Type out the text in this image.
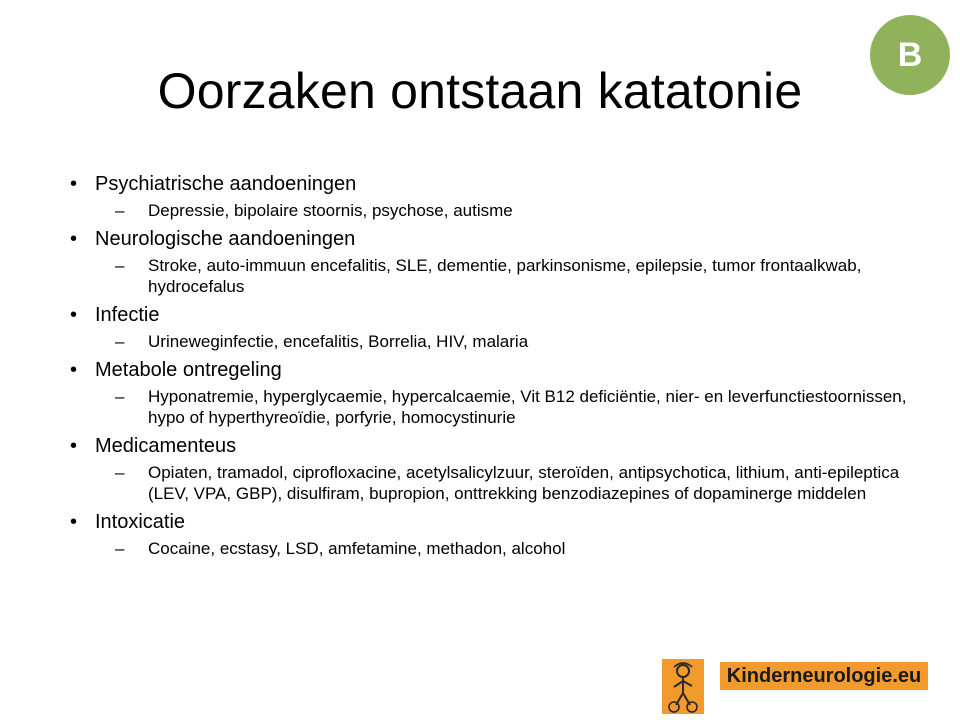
Oorzaken ontstaan katatonie
B
• Psychiatrische aandoeningen
– Depressie, bipolaire stoornis, psychose, autisme
• Neurologische aandoeningen
– Stroke, auto-immuun encefalitis, SLE, dementie, parkinsonisme, epilepsie, tumor frontaalkwab, hydrocefalus
• Infectie
– Urineweginfectie, encefalitis, Borrelia, HIV, malaria
• Metabole ontregeling
– Hyponatremie, hyperglycaemie, hypercalcaemie, Vit B12 deficiëntie, nier- en leverfunctiestoornissen, hypo of hyperthyreoïdie, porfyrie, homocystinurie
• Medicamenteus
– Opiaten, tramadol, ciprofloxacine, acetylsalicylzuur, steroïden, antipsychotica, lithium, anti-epileptica (LEV, VPA, GBP), disulfiram, bupropion, onttrekking benzodiazepines of dopaminerge middelen
• Intoxicatie
– Cocaine, ecstasy, LSD, amfetamine, methadon, alcohol
Kinderneurologie.eu
